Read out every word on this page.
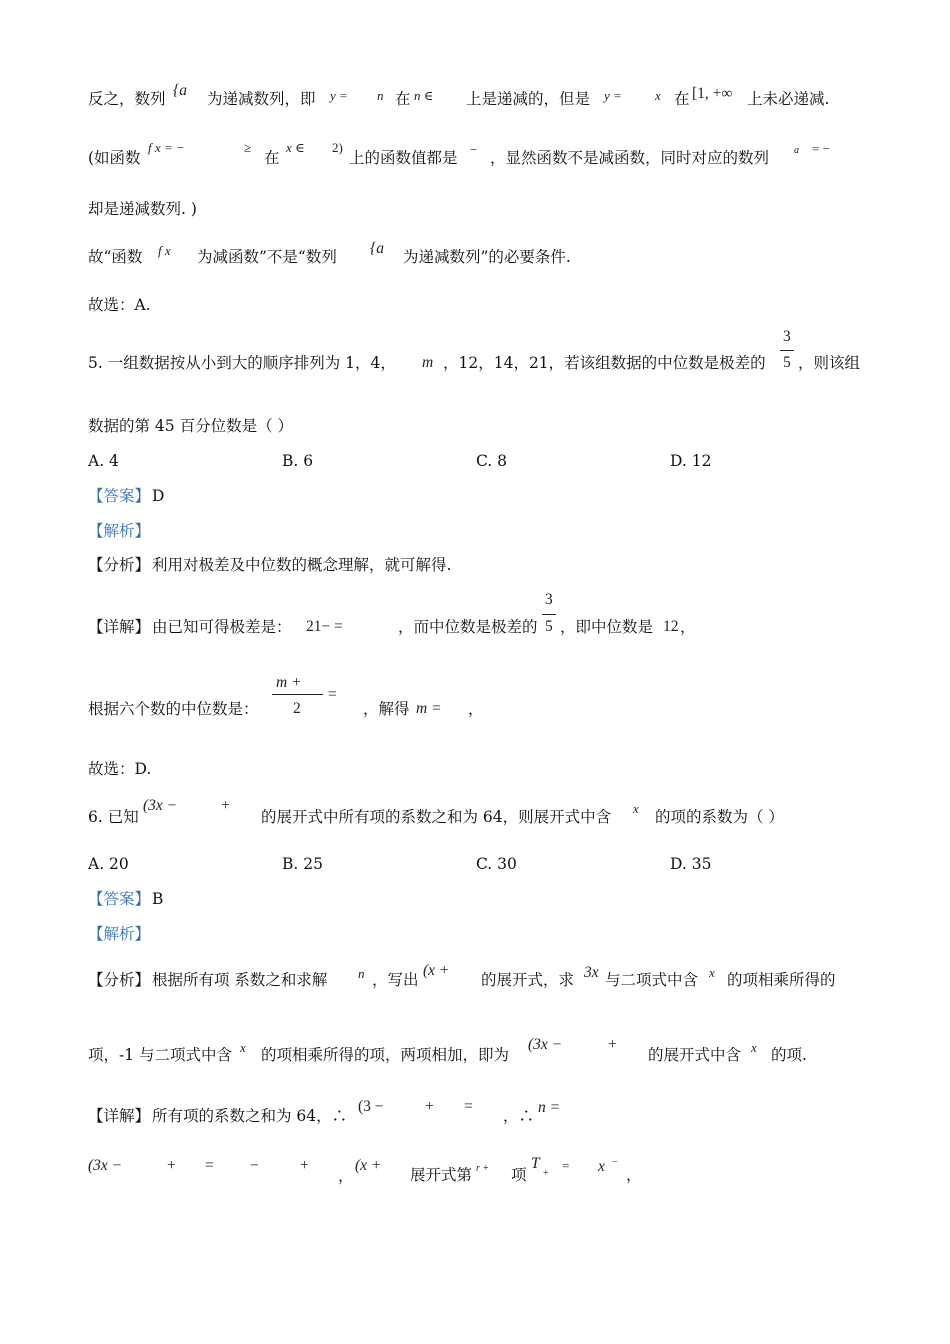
反之，数列 {a 为递减数列，即 y = n 在 n ∈ 上是递减的，但是 y =	x 在 [1, +∞ 上未必递减.
(如函数
f x = −	≥
在
x ∈ 2)
上的函数值都是 − ，显然函数不是减函数，同时对应的数列 a = −
却是递减数列. )
故“函数 f x 为减函数”不是“数列 {a 为递减数列”的必要条件.
故选：A.
5. 一组数据按从小到大的顺序排列为 1，4， m ，12，14，21，若该组数据的中位数是极差的
3
5 ，则该组
数据的第 45 百分位数是（ ）
A. 4	B. 6	C. 8	D. 12
【答案】 D
【解析】
【分析】 利用对极差及中位数的概念理解，就可解得.
【详解】 由已知可得极差是： 21− =	，而中位数是极差的
3
5 ，即中位数是 12 ，
根据六个数的中位数是：
m +
=
2	，解得 m = ，
故选：D.
6. 已知
(3x −	+
的展开式中所有项的系数之和为 64，则展开式中含 x 的项的系数为（ ）
A. 20	B. 25	C. 30	D. 35
【答案】 B
【解析】
【分析】 根据所有项 系数之和求解 n ，写出
(x +
的展开式，求 3x 与二项式中含 x 的项相乘所得的
项，-1 与二项式中含 x 的项相乘所得的项，两项相加，即为
(3x −	+
的展开式中含 x 的项.
【详解】 所有项的系数之和为 64，∴
(3 −	+ =
，∴ n =
(3x −	+ = −	+
，
(x +
展开式第 r + 项
T
+
= x −
，
